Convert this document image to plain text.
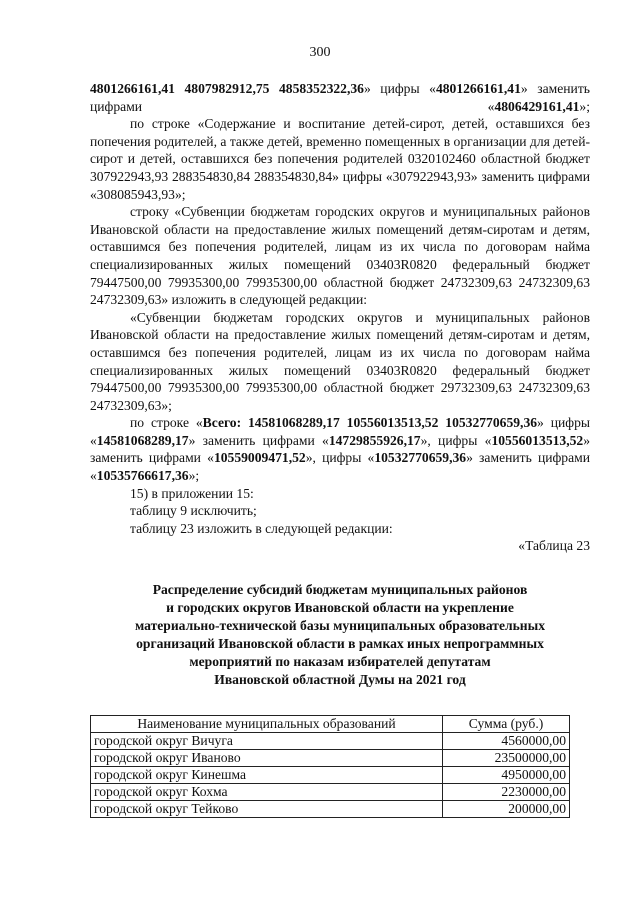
300

4801266161,41 4807982912,75 4858352322,36» цифры «4801266161,41» заменить цифрами «4806429161,41»;

по строке «Содержание и воспитание детей-сирот, детей, оставшихся без попечения родителей, а также детей, временно помещенных в организации для детей-сирот и детей, оставшихся без попечения родителей 0320102460 областной бюджет 307922943,93 288354830,84 288354830,84» цифры «307922943,93» заменить цифрами «308085943,93»;

строку «Субвенции бюджетам городских округов и муниципальных районов Ивановской области на предоставление жилых помещений детям-сиротам и детям, оставшимся без попечения родителей, лицам из их числа по договорам найма специализированных жилых помещений 03403R0820 федеральный бюджет 79447500,00 79935300,00 79935300,00 областной бюджет 24732309,63 24732309,63 24732309,63» изложить в следующей редакции:

«Субвенции бюджетам городских округов и муниципальных районов Ивановской области на предоставление жилых помещений детям-сиротам и детям, оставшимся без попечения родителей, лицам из их числа по договорам найма специализированных жилых помещений 03403R0820 федеральный бюджет 79447500,00 79935300,00 79935300,00 областной бюджет 29732309,63 24732309,63 24732309,63»;

по строке «Всего: 14581068289,17 10556013513,52 10532770659,36» цифры «14581068289,17» заменить цифрами «14729855926,17», цифры «10556013513,52» заменить цифрами «10559009471,52», цифры «10532770659,36» заменить цифрами «10535766617,36»;

15) в приложении 15:

таблицу 9 исключить;

таблицу 23 изложить в следующей редакции:

«Таблица 23

Распределение субсидий бюджетам муниципальных районов
и городских округов Ивановской области на укрепление
материально-технической базы муниципальных образовательных
организаций Ивановской области в рамках иных непрограммных
мероприятий по наказам избирателей депутатам
Ивановской областной Думы на 2021 год
Наименование муниципальных образований	Сумма (руб.)
городской округ Вичуга	4560000,00
городской округ Иваново	23500000,00
городской округ Кинешма	4950000,00
городской округ Кохма	2230000,00
городской округ Тейково	200000,00
